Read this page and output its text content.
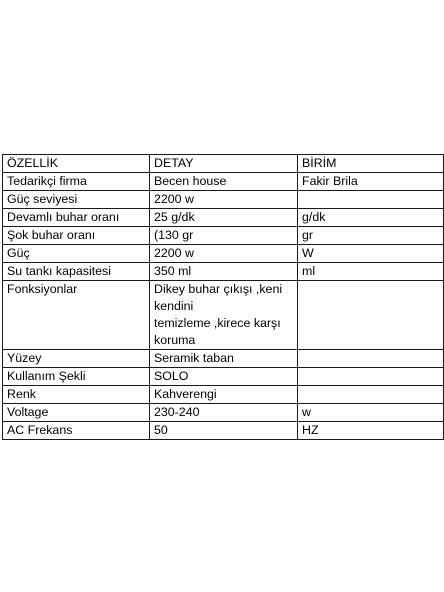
ÖZELLİK	DETAY	BİRİM
Tedarikçi firma	Becen house	Fakir Brila
Güç seviyesi	2200 w	
Devamlı buhar oranı	25 g/dk	g/dk
Şok buhar oranı	(130 gr	gr
Güç	2200 w	W
Su tankı kapasitesi	350 ml	ml
Fonksiyonlar	Dikey buhar çıkışı ,keni
kendini
temizleme ,kirece karşı
koruma	

Yüzey	Seramik taban	
Kullanım Şekli	SOLO	
Renk	Kahverengi	
Voltage	230-240	w
AC Frekans	50	HZ
